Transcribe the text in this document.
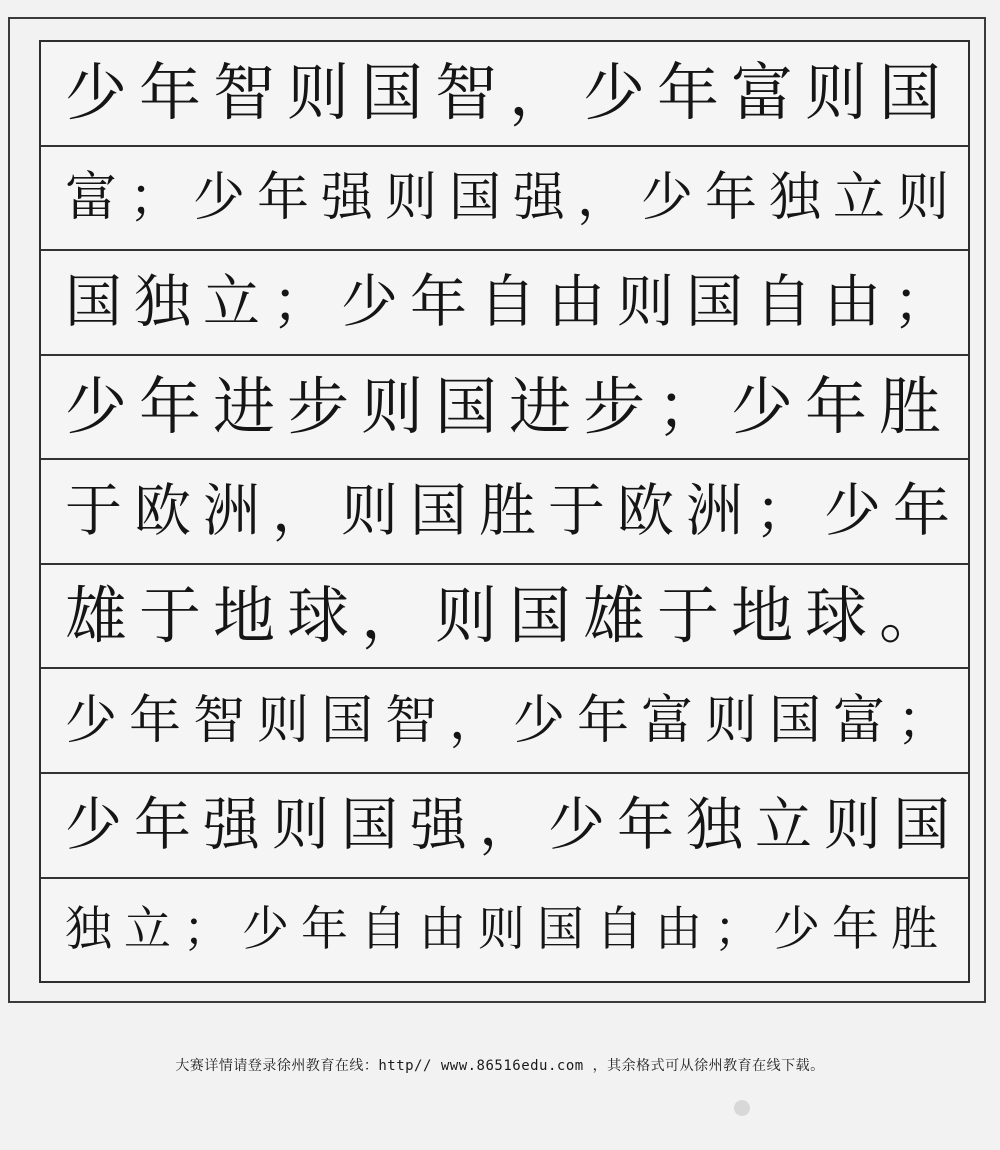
少年智则国智，少年富则国
富；少年强则国强，少年独立则
国独立；少年自由则国自由；
少年进步则国进步；少年胜
于欧洲，则国胜于欧洲；少年
雄于地球，则国雄于地球。
少年智则国智，少年富则国富；
少年强则国强，少年独立则国
独立；少年自由则国自由；少年胜
大赛详情请登录徐州教育在线：http// www.86516edu.com ，其余格式可从徐州教育在线下载。
